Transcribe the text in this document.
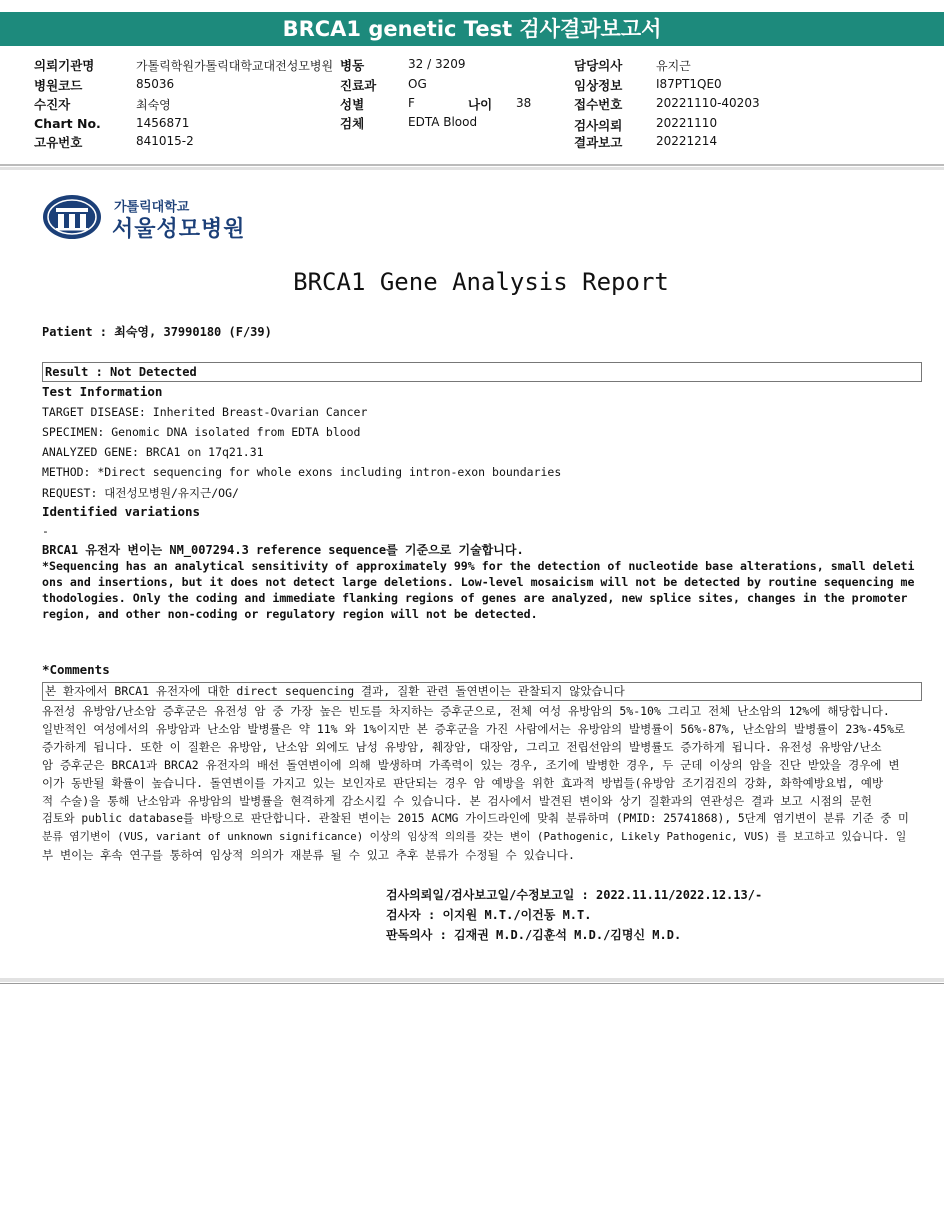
BRCA1 genetic Test 검사결과보고서
의뢰기관명	가톨릭학원가톨릭대학교대전성모병원 병동	32 / 3209	담당의사	유지근
병원코드	85036	진료과	OG	임상정보	I87PT1QE0
수진자	최숙영	성별	F	나이 38	접수번호	20221110-40203
Chart No.	1456871	검체	EDTA Blood	검사의뢰	20221110
고유번호	841015-2	결과보고	20221214
가톨릭대학교
서울성모병원
BRCA1 Gene Analysis Report
Patient : 최숙영, 37990180 (F/39)
Result : Not Detected
Test Information
TARGET DISEASE: Inherited Breast-Ovarian Cancer
SPECIMEN: Genomic DNA isolated from EDTA blood
ANALYZED GENE: BRCA1 on 17q21.31
METHOD: *Direct sequencing for whole exons including intron-exon boundaries
REQUEST: 대전성모병원/유지근/OG/
Identified variations
-
BRCA1 유전자 변이는 NM_007294.3 reference sequence를 기준으로 기술합니다.
*Sequencing has an analytical sensitivity of approximately 99% for the detection of nucleotide base alterations, small deleti
ons and insertions, but it does not detect large deletions. Low-level mosaicism will not be detected by routine sequencing me
thodologies. Only the coding and immediate flanking regions of genes are analyzed, new splice sites, changes in the promoter
region, and other non-coding or regulatory region will not be detected.
*Comments
본 환자에서 BRCA1 유전자에 대한 direct sequencing 결과, 질환 관련 돌연변이는 관찰되지 않았습니다
유전성 유방암/난소암 증후군은 유전성 암 중 가장 높은 빈도를 차지하는 증후군으로, 전체 여성 유방암의 5%-10% 그리고 전체 난소암의 12%에 해당합니다.
일반적인 여성에서의 유방암과 난소암 발병률은 약 11% 와 1%이지만 본 증후군을 가진 사람에서는 유방암의 발병률이 56%-87%, 난소암의 발병률이 23%-45%로
증가하게 됩니다. 또한 이 질환은 유방암, 난소암 외에도 남성 유방암, 췌장암, 대장암, 그리고 전립선암의 발병률도 증가하게 됩니다. 유전성 유방암/난소
암 증후군은 BRCA1과 BRCA2 유전자의 배선 돌연변이에 의해 발생하며 가족력이 있는 경우, 조기에 발병한 경우, 두 군데 이상의 암을 진단 받았을 경우에 변
이가 동반될 확률이 높습니다. 돌연변이를 가지고 있는 보인자로 판단되는 경우 암 예방을 위한 효과적 방법들(유방암 조기검진의 강화, 화학예방요법, 예방
적 수술)을 통해 난소암과 유방암의 발병률을 현격하게 감소시킬 수 있습니다. 본 검사에서 발견된 변이와 상기 질환과의 연관성은 결과 보고 시점의 문헌
검토와 public database를 바탕으로 판단합니다. 관찰된 변이는 2015 ACMG 가이드라인에 맞춰 분류하며 (PMID: 25741868), 5단계 염기변이 분류 기준 중 미
분류 염기변이 (VUS, variant of unknown significance) 이상의 임상적 의의를 갖는 변이 (Pathogenic, Likely Pathogenic, VUS) 를 보고하고 있습니다. 일
부 변이는 후속 연구를 통하여 임상적 의의가 재분류 될 수 있고 추후 분류가 수정될 수 있습니다.
검사의뢰일/검사보고일/수정보고일 : 2022.11.11/2022.12.13/-
검사자 : 이지원 M.T./이건동 M.T.
판독의사 : 김재권 M.D./김훈석 M.D./김명신 M.D.
